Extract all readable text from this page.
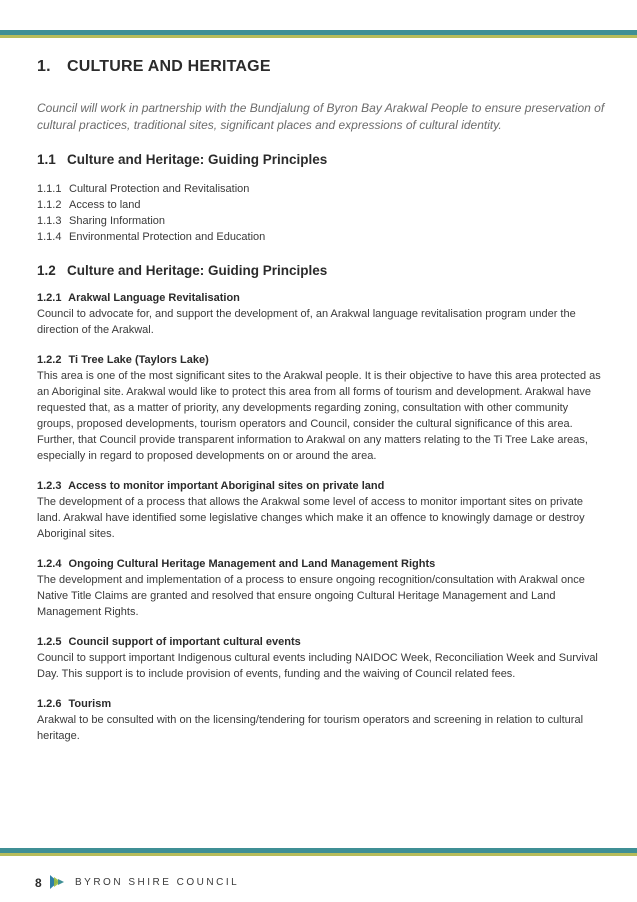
1. CULTURE AND HERITAGE

Council will work in partnership with the Bundjalung of Byron Bay Arakwal People to ensure preservation of cultural practices, traditional sites, significant places and expressions of cultural identity.

1.1 Culture and Heritage: Guiding Principles
1.1.1 Cultural Protection and Revitalisation
1.1.2 Access to land
1.1.3 Sharing Information
1.1.4 Environmental Protection and Education
1.2 Culture and Heritage: Guiding Principles
1.2.1 Arakwal Language Revitalisation

Council to advocate for, and support the development of, an Arakwal language revitalisation program under the direction of the Arakwal.

1.2.2 Ti Tree Lake (Taylors Lake)

This area is one of the most significant sites to the Arakwal people. It is their objective to have this area protected as an Aboriginal site. Arakwal would like to protect this area from all forms of tourism and development. Arakwal have requested that, as a matter of priority, any developments regarding zoning, consultation with other community groups, proposed developments, tourism operators and Council, consider the cultural significance of this area. Further, that Council provide transparent information to Arakwal on any matters relating to the Ti Tree Lake areas, especially in regard to proposed developments on or around the area.

1.2.3 Access to monitor important Aboriginal sites on private land

The development of a process that allows the Arakwal some level of access to monitor important sites on private land. Arakwal have identified some legislative changes which make it an offence to knowingly damage or destroy Aboriginal sites.

1.2.4 Ongoing Cultural Heritage Management and Land Management Rights

The development and implementation of a process to ensure ongoing recognition/consultation with Arakwal once Native Title Claims are granted and resolved that ensure ongoing Cultural Heritage Management and Land Management Rights.

1.2.5 Council support of important cultural events

Council to support important Indigenous cultural events including NAIDOC Week, Reconciliation Week and Survival Day. This support is to include provision of events, funding and the waiving of Council related fees.

1.2.6 Tourism

Arakwal to be consulted with on the licensing/tendering for tourism operators and screening in relation to cultural heritage.

8	BYRON SHIRE COUNCIL
